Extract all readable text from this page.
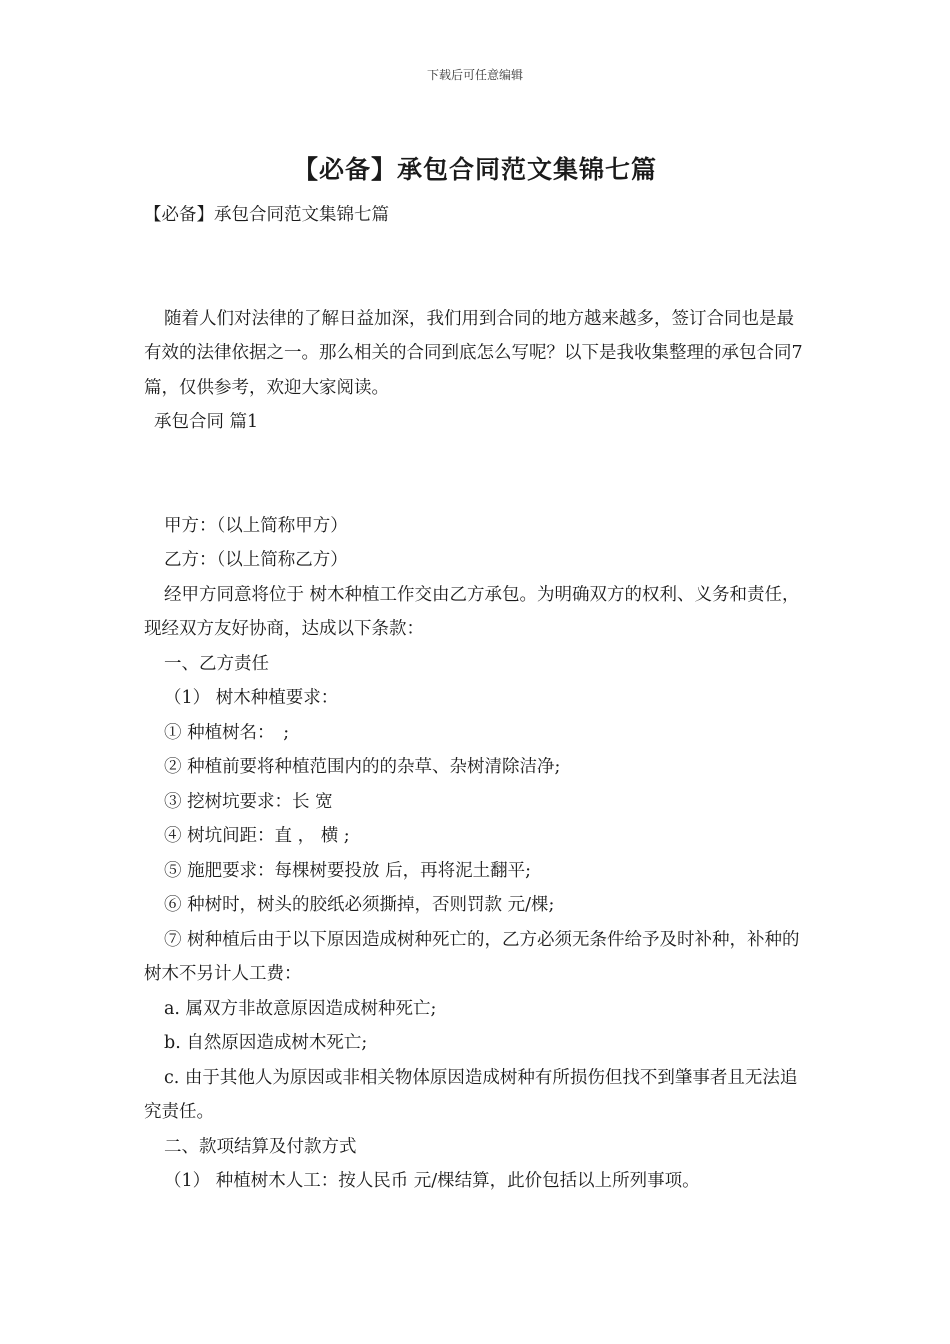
下载后可任意编辑
【必备】承包合同范文集锦七篇

【必备】承包合同范文集锦七篇

随着人们对法律的了解日益加深，我们用到合同的地方越来越多，签订合同也是最有效的法律依据之一。那么相关的合同到底怎么写呢？以下是我收集整理的承包合同7篇，仅供参考，欢迎大家阅读。

承包合同 篇1

甲方：（以上简称甲方）

乙方：（以上简称乙方）

经甲方同意将位于 树木种植工作交由乙方承包。为明确双方的权利、义务和责任，现经双方友好协商，达成以下条款：

一、乙方责任

（1） 树木种植要求：

① 种植树名：　;

② 种植前要将种植范围内的的杂草、杂树清除洁净;

③ 挖树坑要求：长 宽

④ 树坑间距：直 ， 横 ;

⑤ 施肥要求：每棵树要投放 后，再将泥土翻平;

⑥ 种树时，树头的胶纸必须撕掉，否则罚款 元/棵;

⑦ 树种植后由于以下原因造成树种死亡的，乙方必须无条件给予及时补种，补种的树木不另计人工费：

a. 属双方非故意原因造成树种死亡;

b. 自然原因造成树木死亡;

c. 由于其他人为原因或非相关物体原因造成树种有所损伤但找不到肇事者且无法追究责任。

二、款项结算及付款方式

（1） 种植树木人工：按人民币 元/棵结算，此价包括以上所列事项。
